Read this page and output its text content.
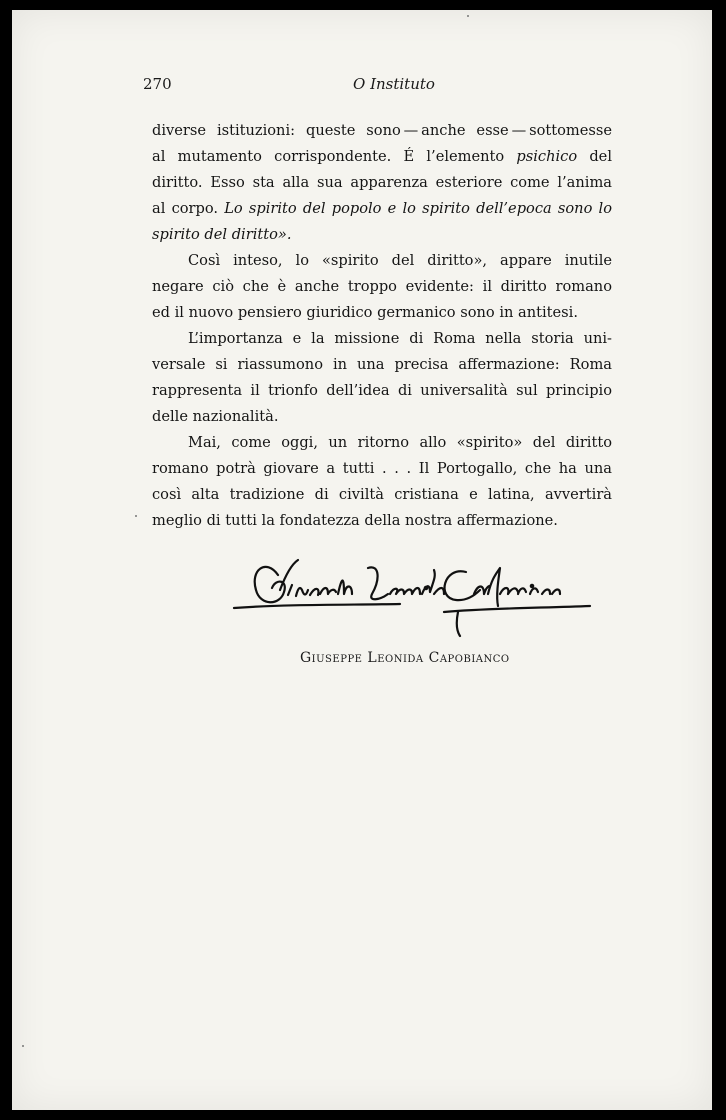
270	O Instituto

diverse istituzioni: queste sono — anche esse — sottomesse
al mutamento corrispondente. É l’elemento psichico del
diritto. Esso sta alla sua apparenza esteriore come l’anima
al corpo. Lo spirito del popolo e lo spirito dell’epoca sono lo
spirito del diritto».

Così inteso, lo «spirito del diritto», appare inutile
negare ciò che è anche troppo evidente: il diritto romano
ed il nuovo pensiero giuridico germanico sono in antitesi.

L’importanza e la missione di Roma nella storia uni-
versale si riassumono in una precisa affermazione: Roma
rappresenta il trionfo dell’idea di universalità sul principio
delle nazionalità.

Mai, come oggi, un ritorno allo «spirito» del diritto
romano potrà giovare a tutti . . . Il Portogallo, che ha una
così alta tradizione di civiltà cristiana e latina, avvertirà
meglio di tutti la fondatezza della nostra affermazione.

Giuseppe Leonida Capobianco
